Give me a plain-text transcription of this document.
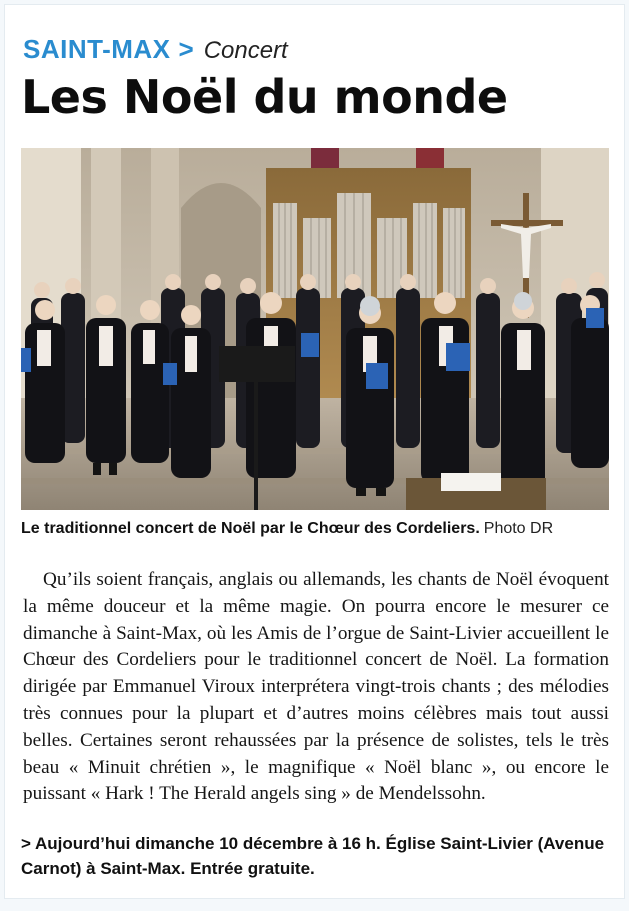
SAINT-MAX > Concert
Les Noël du monde
Le traditionnel concert de Noël par le Chœur des Cordeliers. Photo DR

Qu’ils soient français, anglais ou allemands, les chants de Noël évoquent la même douceur et la même magie. On pourra encore le mesurer ce dimanche à Saint-Max, où les Amis de l’orgue de Saint-Livier accueillent le Chœur des Cordeliers pour le traditionnel concert de Noël. La formation dirigée par Emmanuel Viroux interprétera vingt-trois chants ; des mélodies très connues pour la plupart et d’autres moins célèbres mais tout aussi belles. Certaines seront rehaussées par la présence de solistes, tels le très beau « Minuit chrétien », le magnifique « Noël blanc », ou encore le puissant « Hark ! The Herald angels sing » de Mendelssohn.

> Aujourd’hui dimanche 10 décembre à 16 h. Église Saint-Livier (Avenue Carnot) à Saint-Max. Entrée gratuite.
